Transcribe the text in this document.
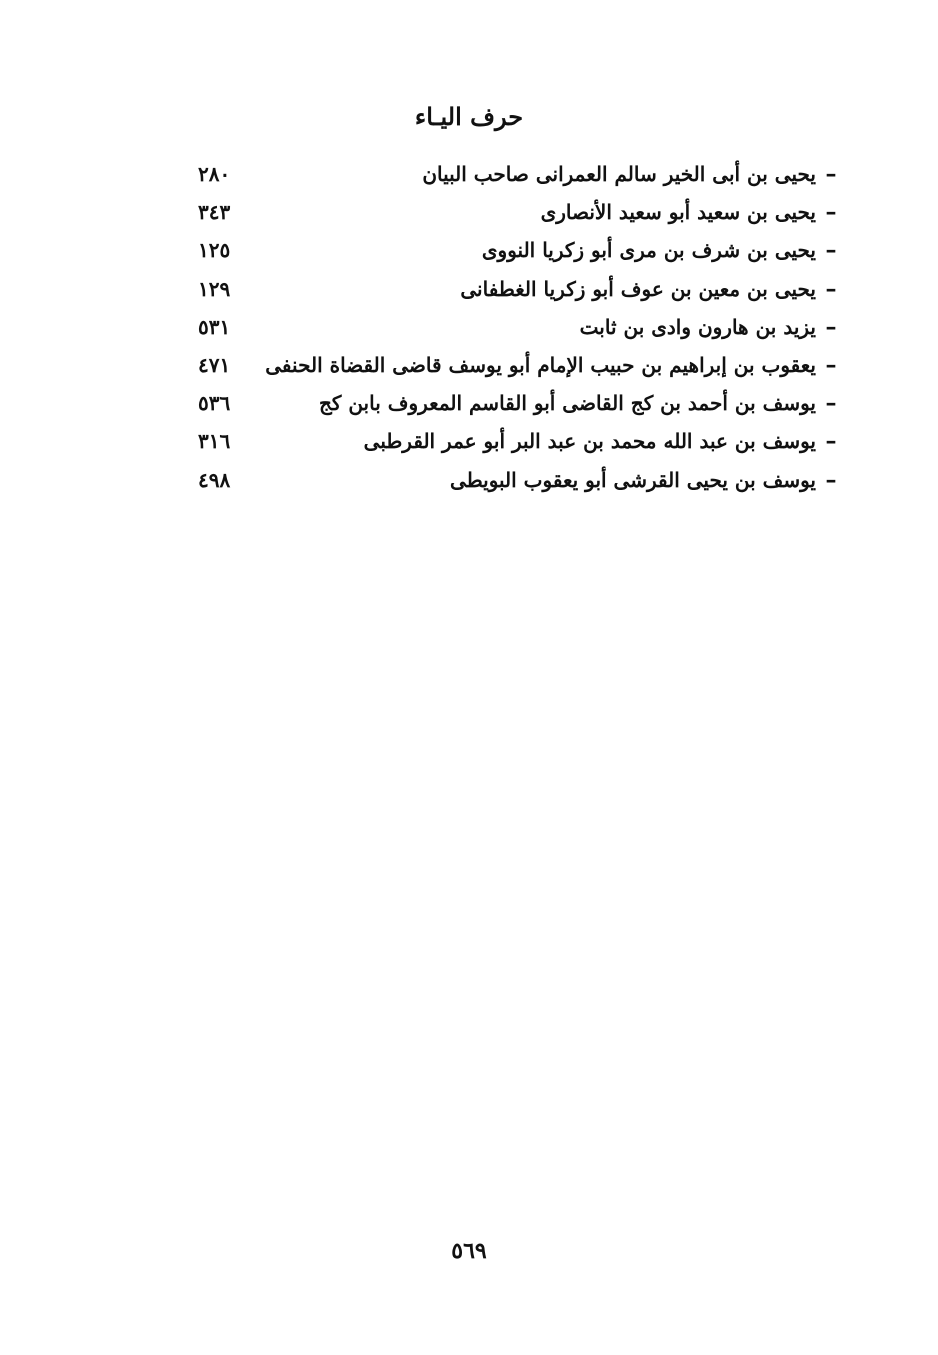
حرف اليـاء
–
يحيى بن أبى الخير سالم العمرانى صاحب البيان
٢٨٠
–
يحيى بن سعيد أبو سعيد الأنصارى
٣٤٣
–
يحيى بن شرف بن مرى أبو زكريا النووى
١٢٥
–
يحيى بن معين بن عوف أبو زكريا الغطفانى
١٢٩
–
يزيد بن هارون وادى بن ثابت
٥٣١
–
يعقوب بن إبراهيم بن حبيب الإمام أبو يوسف قاضى القضاة الحنفى
٤٧١
–
يوسف بن أحمد بن كج القاضى أبو القاسم المعروف بابن كج
٥٣٦
–
يوسف بن عبد الله محمد بن عبد البر أبو عمر القرطبى
٣١٦
–
يوسف بن يحيى القرشى أبو يعقوب البويطى
٤٩٨
٥٦٩
